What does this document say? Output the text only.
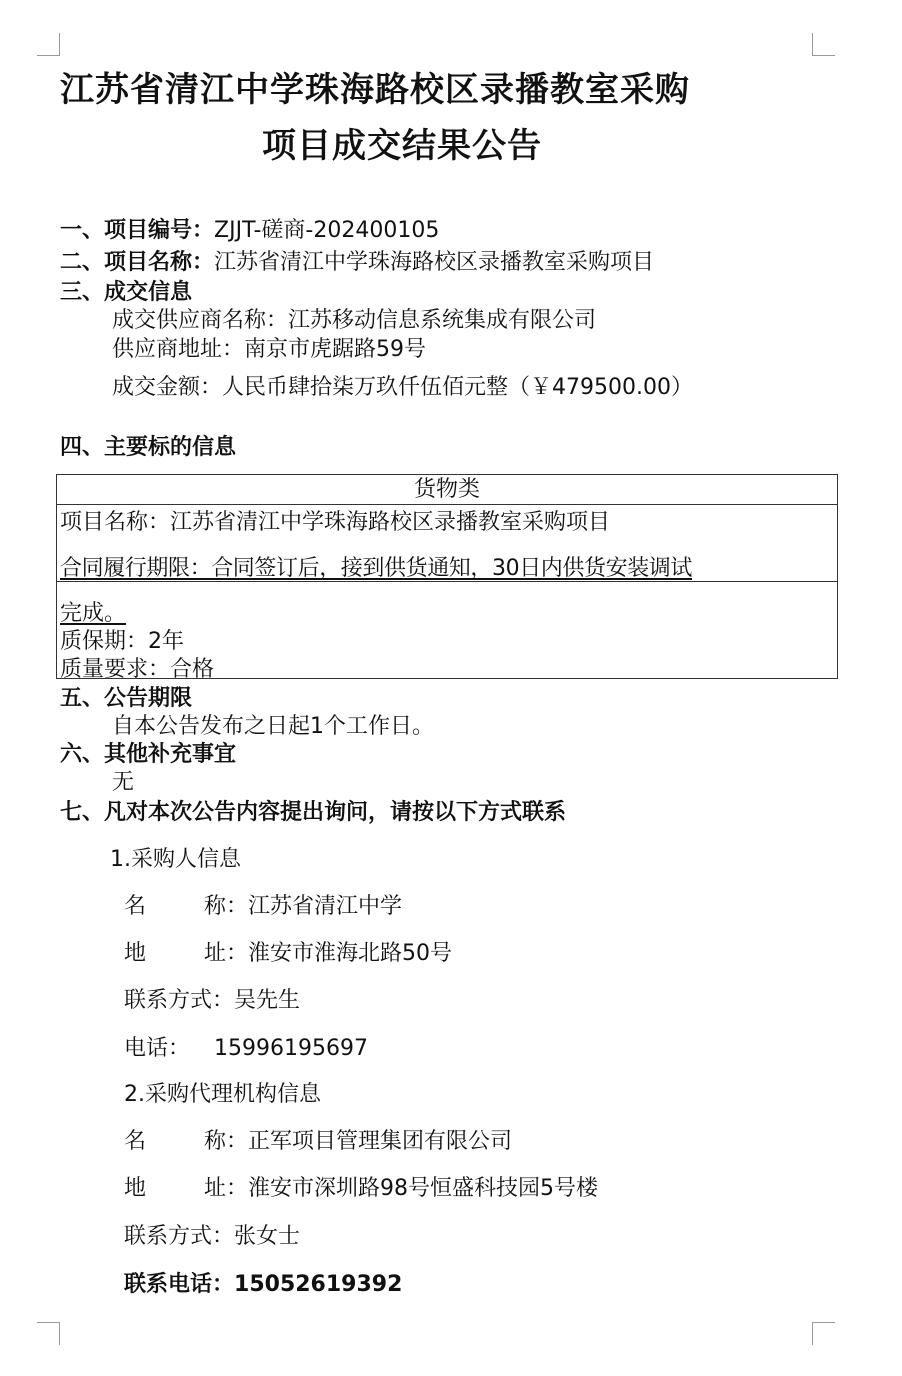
江苏省清江中学珠海路校区录播教室采购
项目成交结果公告
一、项目编号：ZJJT-磋商-202400105
二、项目名称：江苏省清江中学珠海路校区录播教室采购项目
三、成交信息
成交供应商名称：江苏移动信息系统集成有限公司
供应商地址：南京市虎踞路59号
成交金额：人民币肆拾柒万玖仟伍佰元整（￥479500.00）
四、主要标的信息
货物类
项目名称：江苏省清江中学珠海路校区录播教室采购项目
合同履行期限：合同签订后，接到供货通知，30日内供货安装调试
完成。
质保期：2年
质量要求：合格
五、公告期限
自本公告发布之日起1个工作日。
六、其他补充事宜
无
七、凡对本次公告内容提出询问，请按以下方式联系
1.采购人信息
名	称：江苏省清江中学
地	址：淮安市淮海北路50号
联系方式：吴先生
电话： 15996195697
2.采购代理机构信息
名	称：正军项目管理集团有限公司
地	址：淮安市深圳路98号恒盛科技园5号楼
联系方式：张女士
联系电话：15052619392
